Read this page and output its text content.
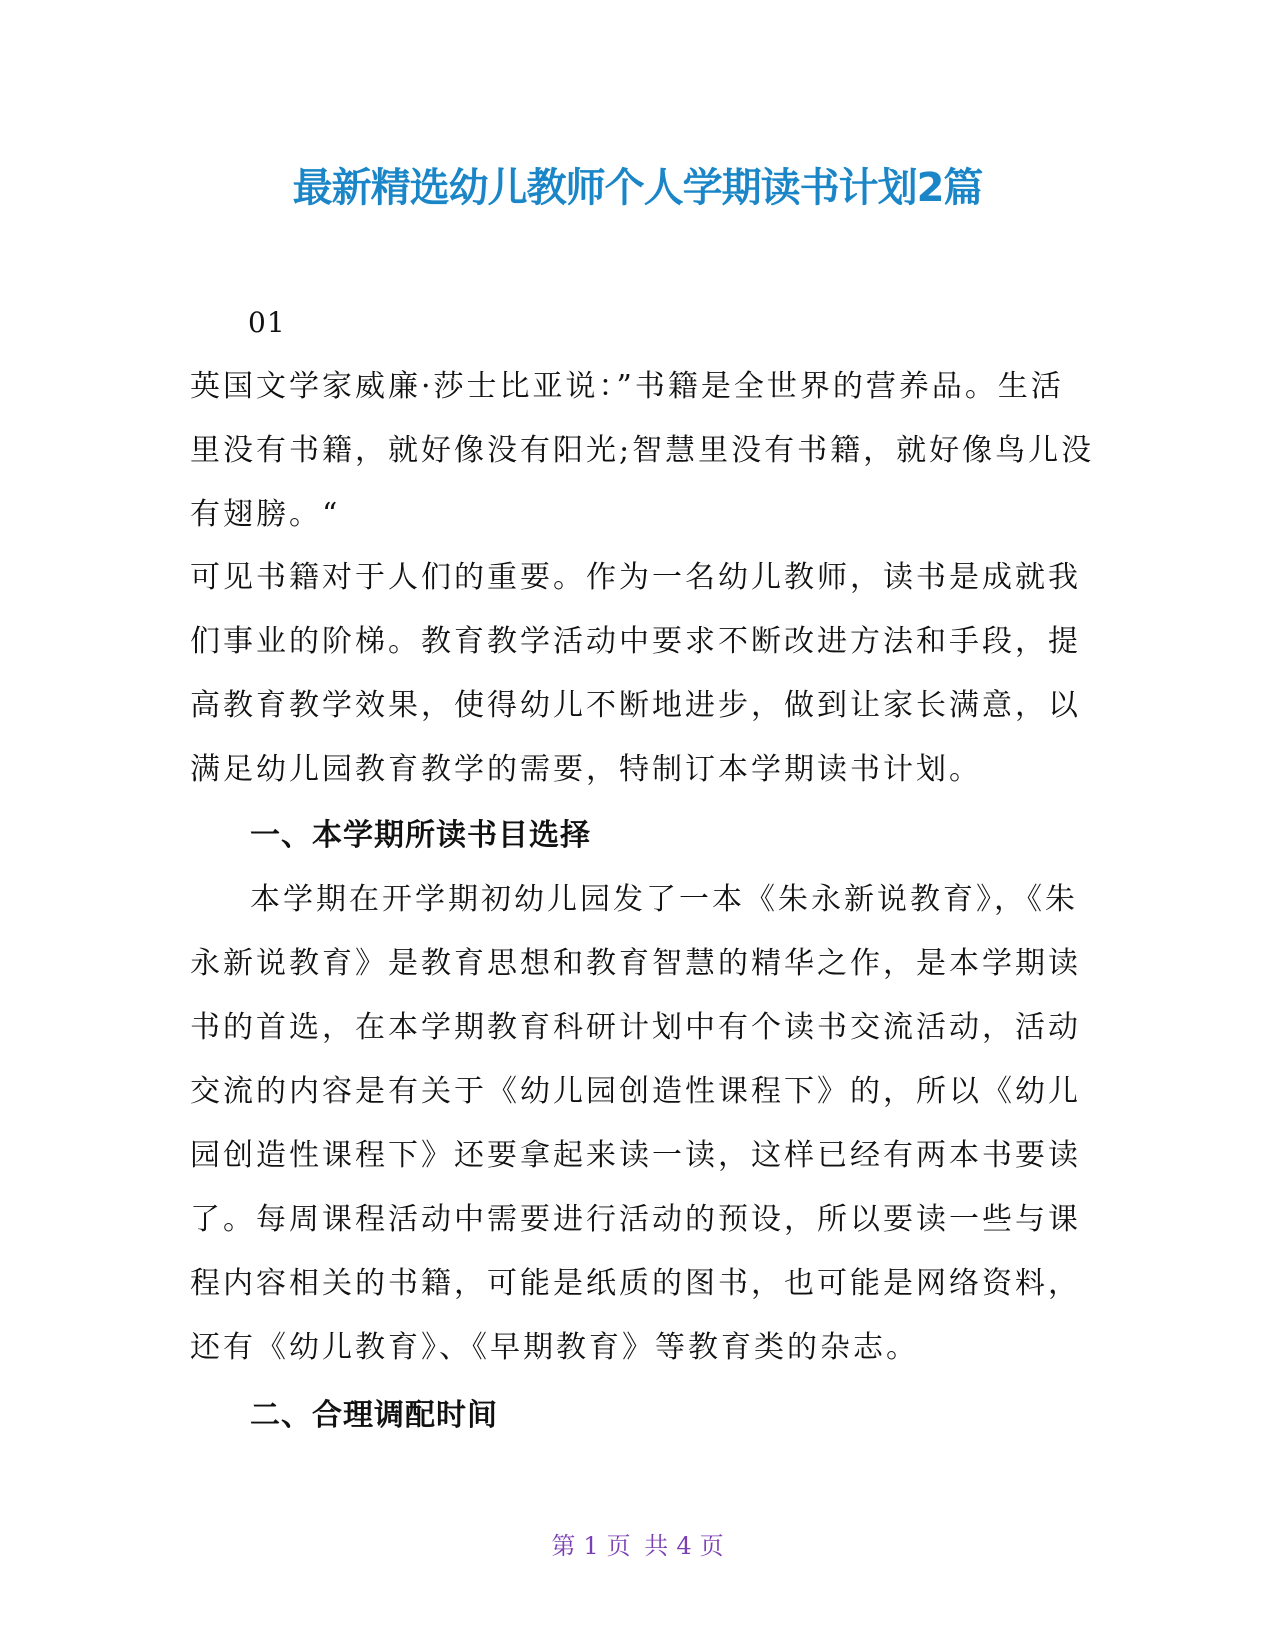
最新精选幼儿教师个人学期读书计划2篇
01
英国文学家威廉·莎士比亚说：”书籍是全世界的营养品。生活里没有书籍，就好像没有阳光;智慧里没有书籍，就好像鸟儿没有翅膀。“
可见书籍对于人们的重要。作为一名幼儿教师，读书是成就我们事业的阶梯。教育教学活动中要求不断改进方法和手段，提高教育教学效果，使得幼儿不断地进步，做到让家长满意，以满足幼儿园教育教学的需要，特制订本学期读书计划。
一、本学期所读书目选择
本学期在开学期初幼儿园发了一本《朱永新说教育》，《朱永新说教育》是教育思想和教育智慧的精华之作，是本学期读书的首选，在本学期教育科研计划中有个读书交流活动，活动交流的内容是有关于《幼儿园创造性课程下》的，所以《幼儿园创造性课程下》还要拿起来读一读，这样已经有两本书要读了。每周课程活动中需要进行活动的预设，所以要读一些与课程内容相关的书籍，可能是纸质的图书，也可能是网络资料，还有《幼儿教育》、《早期教育》等教育类的杂志。
二、合理调配时间
第 1 页 共 4 页
